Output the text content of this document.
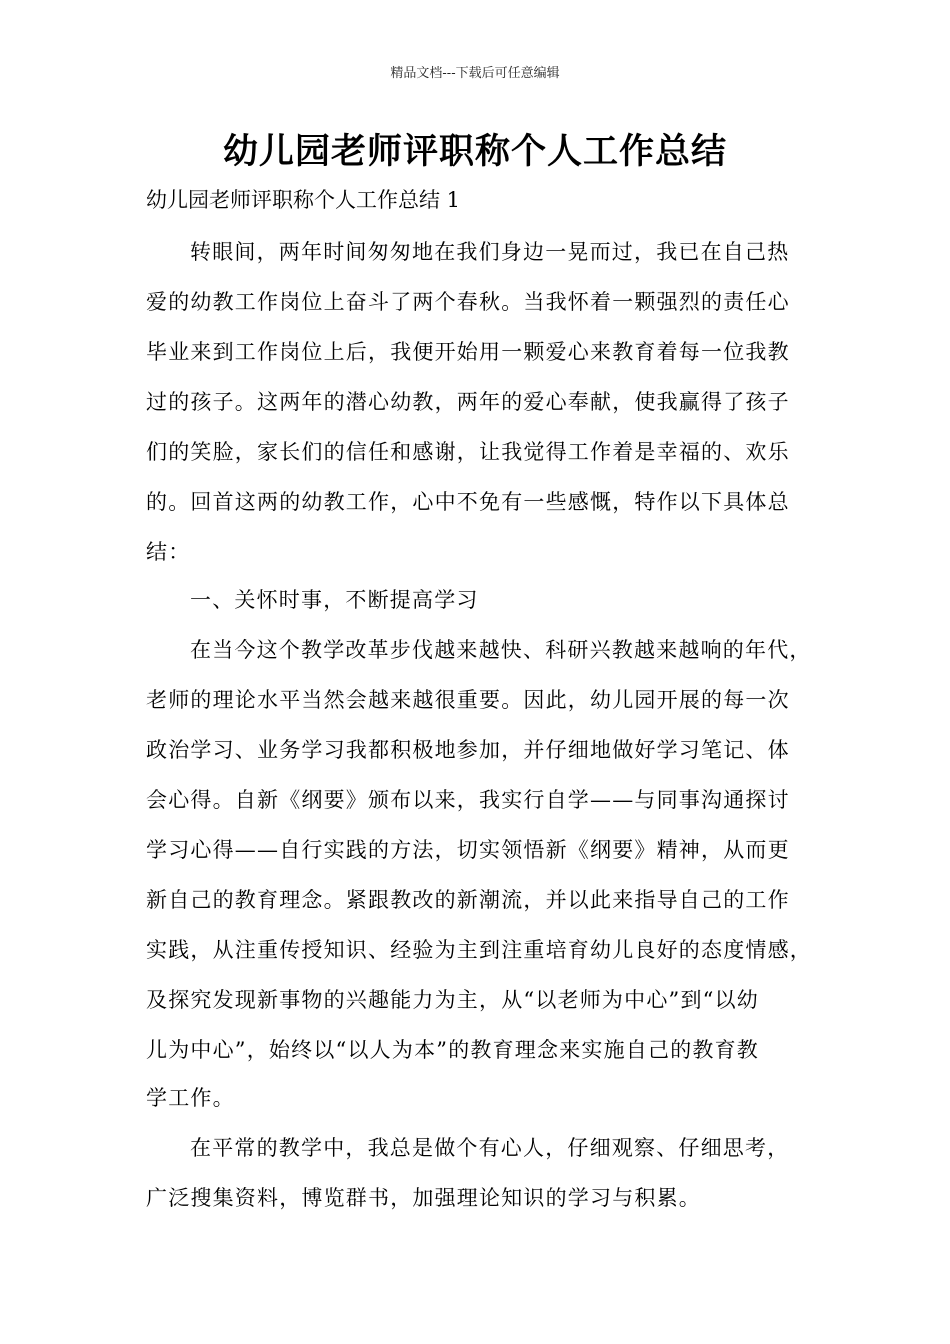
精品文档---下载后可任意编辑
幼儿园老师评职称个人工作总结
幼儿园老师评职称个人工作总结 1
转眼间，两年时间匆匆地在我们身边一晃而过，我已在自己热
爱的幼教工作岗位上奋斗了两个春秋。当我怀着一颗强烈的责任心
毕业来到工作岗位上后，我便开始用一颗爱心来教育着每一位我教
过的孩子。这两年的潜心幼教，两年的爱心奉献，使我赢得了孩子
们的笑脸，家长们的信任和感谢，让我觉得工作着是幸福的、欢乐
的。回首这两的幼教工作，心中不免有一些感慨，特作以下具体总
结：
一、关怀时事，不断提高学习
在当今这个教学改革步伐越来越快、科研兴教越来越响的年代，
老师的理论水平当然会越来越很重要。因此，幼儿园开展的每一次
政治学习、业务学习我都积极地参加，并仔细地做好学习笔记、体
会心得。自新《纲要》颁布以来，我实行自学——与同事沟通探讨
学习心得——自行实践的方法，切实领悟新《纲要》精神，从而更
新自己的教育理念。紧跟教改的新潮流，并以此来指导自己的工作
实践，从注重传授知识、经验为主到注重培育幼儿良好的态度情感，
及探究发现新事物的兴趣能力为主，从“以老师为中心”到“以幼
儿为中心”，始终以“以人为本”的教育理念来实施自己的教育教
学工作。
在平常的教学中，我总是做个有心人，仔细观察、仔细思考，
广泛搜集资料，博览群书，加强理论知识的学习与积累。
